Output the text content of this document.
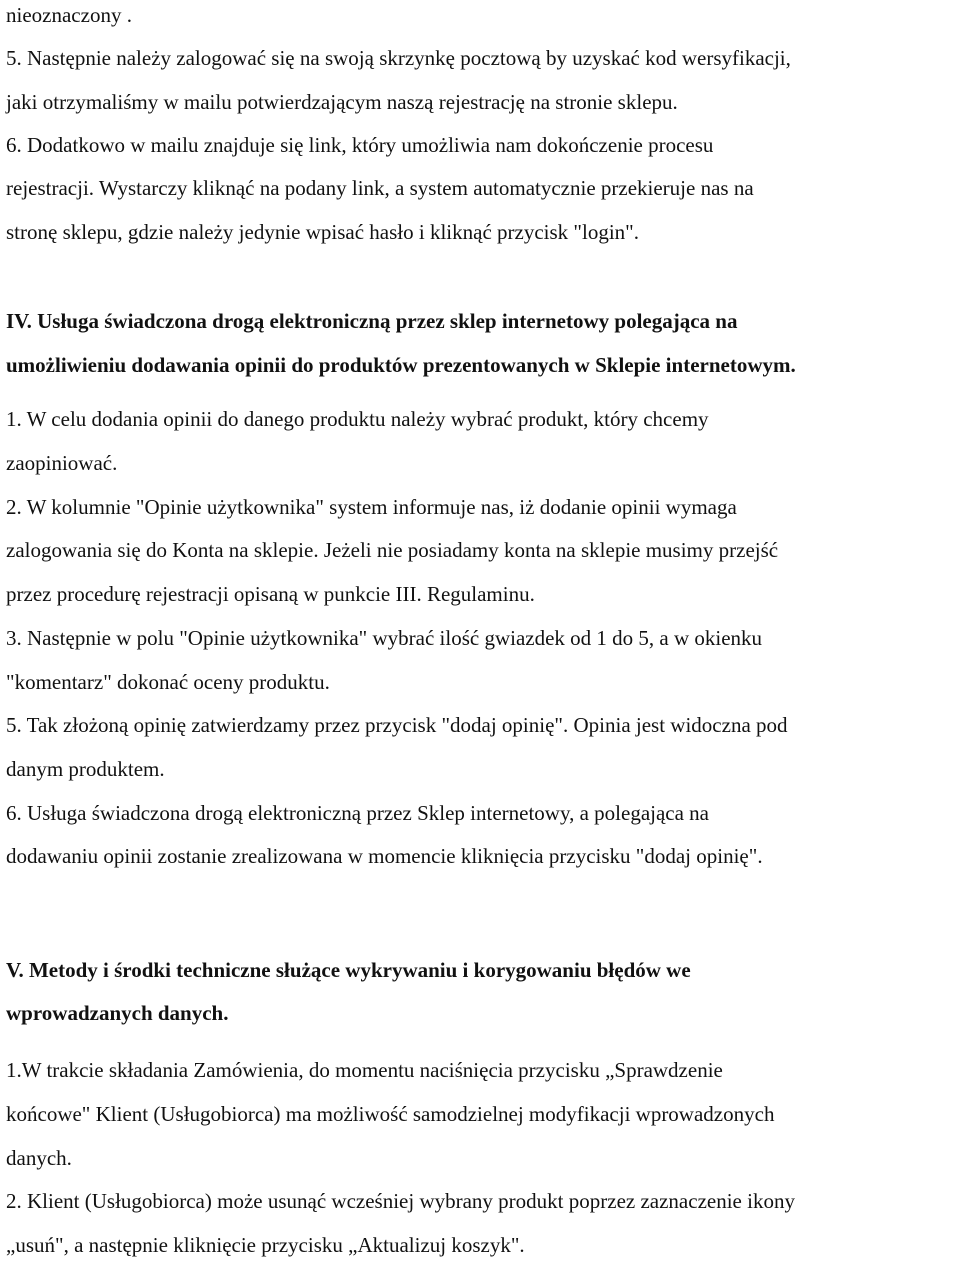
nieoznaczony .
5. Następnie należy zalogować się na swoją skrzynkę pocztową by uzyskać kod wersyfikacji,
jaki otrzymaliśmy w mailu potwierdzającym naszą rejestrację na stronie sklepu.
6. Dodatkowo w mailu znajduje się link, który umożliwia nam dokończenie procesu
rejestracji. Wystarczy kliknąć na podany link, a system automatycznie przekieruje nas na
stronę sklepu, gdzie należy jedynie wpisać hasło i kliknąć przycisk "login".
IV. Usługa świadczona drogą elektroniczną przez sklep internetowy polegająca na
umożliwieniu dodawania opinii do produktów prezentowanych w Sklepie internetowym.
1. W celu dodania opinii do danego produktu należy wybrać produkt, który chcemy
zaopiniować.
2. W kolumnie "Opinie użytkownika" system informuje nas, iż dodanie opinii wymaga
zalogowania się do Konta na sklepie. Jeżeli nie posiadamy konta na sklepie musimy przejść
przez procedurę rejestracji opisaną w punkcie III. Regulaminu.
3. Następnie w polu "Opinie użytkownika" wybrać ilość gwiazdek od 1 do 5, a w okienku
"komentarz" dokonać oceny produktu.
5. Tak złożoną opinię zatwierdzamy przez przycisk "dodaj opinię". Opinia jest widoczna pod
danym produktem.
6. Usługa świadczona drogą elektroniczną przez Sklep internetowy, a polegająca na
dodawaniu opinii zostanie zrealizowana w momencie kliknięcia przycisku "dodaj opinię".
V. Metody i środki techniczne służące wykrywaniu i korygowaniu błędów we
wprowadzanych danych.
1.W trakcie składania Zamówienia, do momentu naciśnięcia przycisku „Sprawdzenie
końcowe" Klient (Usługobiorca) ma możliwość samodzielnej modyfikacji wprowadzonych
danych.
2. Klient (Usługobiorca) może usunąć wcześniej wybrany produkt poprzez zaznaczenie ikony
„usuń", a następnie kliknięcie przycisku „Aktualizuj koszyk".
